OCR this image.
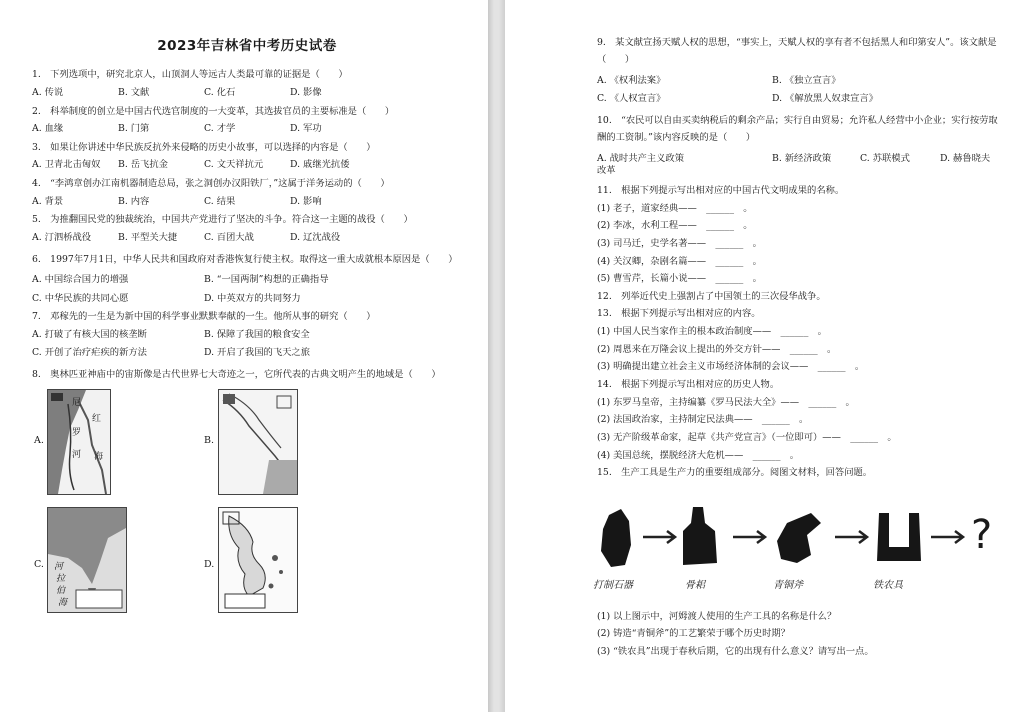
2023年吉林省中考历史试卷
1.　下列选项中，研究北京人，山顶洞人等远古人类最可靠的证据是（　　）
A. 传说	B. 文献	C. 化石	D. 影像
2.　科举制度的创立是中国古代选官制度的一大变革，其选拔官员的主要标准是（　　）
A. 血缘	B. 门第	C. 才学	D. 军功
3.　如果让你讲述中华民族反抗外来侵略的历史小故事，可以选择的内容是（　　）
A. 卫青北击匈奴	B. 岳飞抗金	C. 文天祥抗元	D. 戚继光抗倭
4.　“李鸿章创办江南机器制造总局，张之洞创办汉阳铁厂，”这属于洋务运动的（　　）
A. 背景	B. 内容	C. 结果	D. 影响
5.　为推翻国民党的独裁统治，中国共产党进行了坚决的斗争。符合这一主题的战役（　　）
A. 汀泗桥战役	B. 平型关大捷	C. 百团大战	D. 辽沈战役
6.　1997年7月1日，中华人民共和国政府对香港恢复行使主权。取得这一重大成就根本原因是（　　）
A. 中国综合国力的增强	B. “一国两制”构想的正确指导
C. 中华民族的共同心愿	D. 中英双方的共同努力
7.　邓稼先的一生是为新中国的科学事业默默奉献的一生。他所从事的研究（　　）
A. 打破了有核大国的核垄断	B. 保障了我国的粮食安全
C. 开创了治疗疟疾的新方法	D. 开启了我国的飞天之旅
8.　奥林匹亚神庙中的宙斯像是古代世界七大奇迹之一，它所代表的古典文明产生的地域是（　　）
A.
尼
红
罗
河 海
B.
C. 河
拉
伯
海
D.
9.　某文献宣扬天赋人权的思想，“事实上，天赋人权的享有者不包括黑人和印第安人”。该文献是（　　）
A. 《权利法案》	B. 《独立宣言》
C. 《人权宣言》	D. 《解放黑人奴隶宣言》
10.　“农民可以自由买卖纳税后的剩余产品；实行自由贸易；允许私人经营中小企业；实行按劳取酬的工资制。”该内容反映的是（　　）
A. 战时共产主义政策	B. 新经济政策	C. 苏联模式	D. 赫鲁晓夫
改革
11.　根据下列提示写出相对应的中国古代文明成果的名称。
(1) 老子，道家经典——　______　。
(2) 李冰，水利工程——　______　。
(3) 司马迁，史学名著——　______　。
(4) 关汉卿，杂剧名篇——　______　。
(5) 曹雪芹，长篇小说——　______　。
12.　列举近代史上强割占了中国领土的三次侵华战争。
13.　根据下列提示写出相对应的内容。
(1) 中国人民当家作主的根本政治制度——　______　。
(2) 周恩来在万隆会议上提出的外交方针——　______　。
(3) 明确提出建立社会主义市场经济体制的会议——　______　。
14.　根据下列提示写出相对应的历史人物。
(1) 东罗马皇帝，主持编纂《罗马民法大全》——　______　。
(2) 法国政治家，主持制定民法典——　______　。
(3) 无产阶级革命家，起草《共产党宣言》（一位即可）——　______　。
(4) 美国总统，摆脱经济大危机——　______　。
15.　生产工具是生产力的重要组成部分。阅图文材料，回答问题。
?
打制石器	骨耜	青铜斧	铁农具
(1) 以上图示中，河姆渡人使用的生产工具的名称是什么？
(2) 铸造“青铜斧”的工艺繁荣于哪个历史时期？
(3) “铁农具”出现于春秋后期，它的出现有什么意义？请写出一点。
